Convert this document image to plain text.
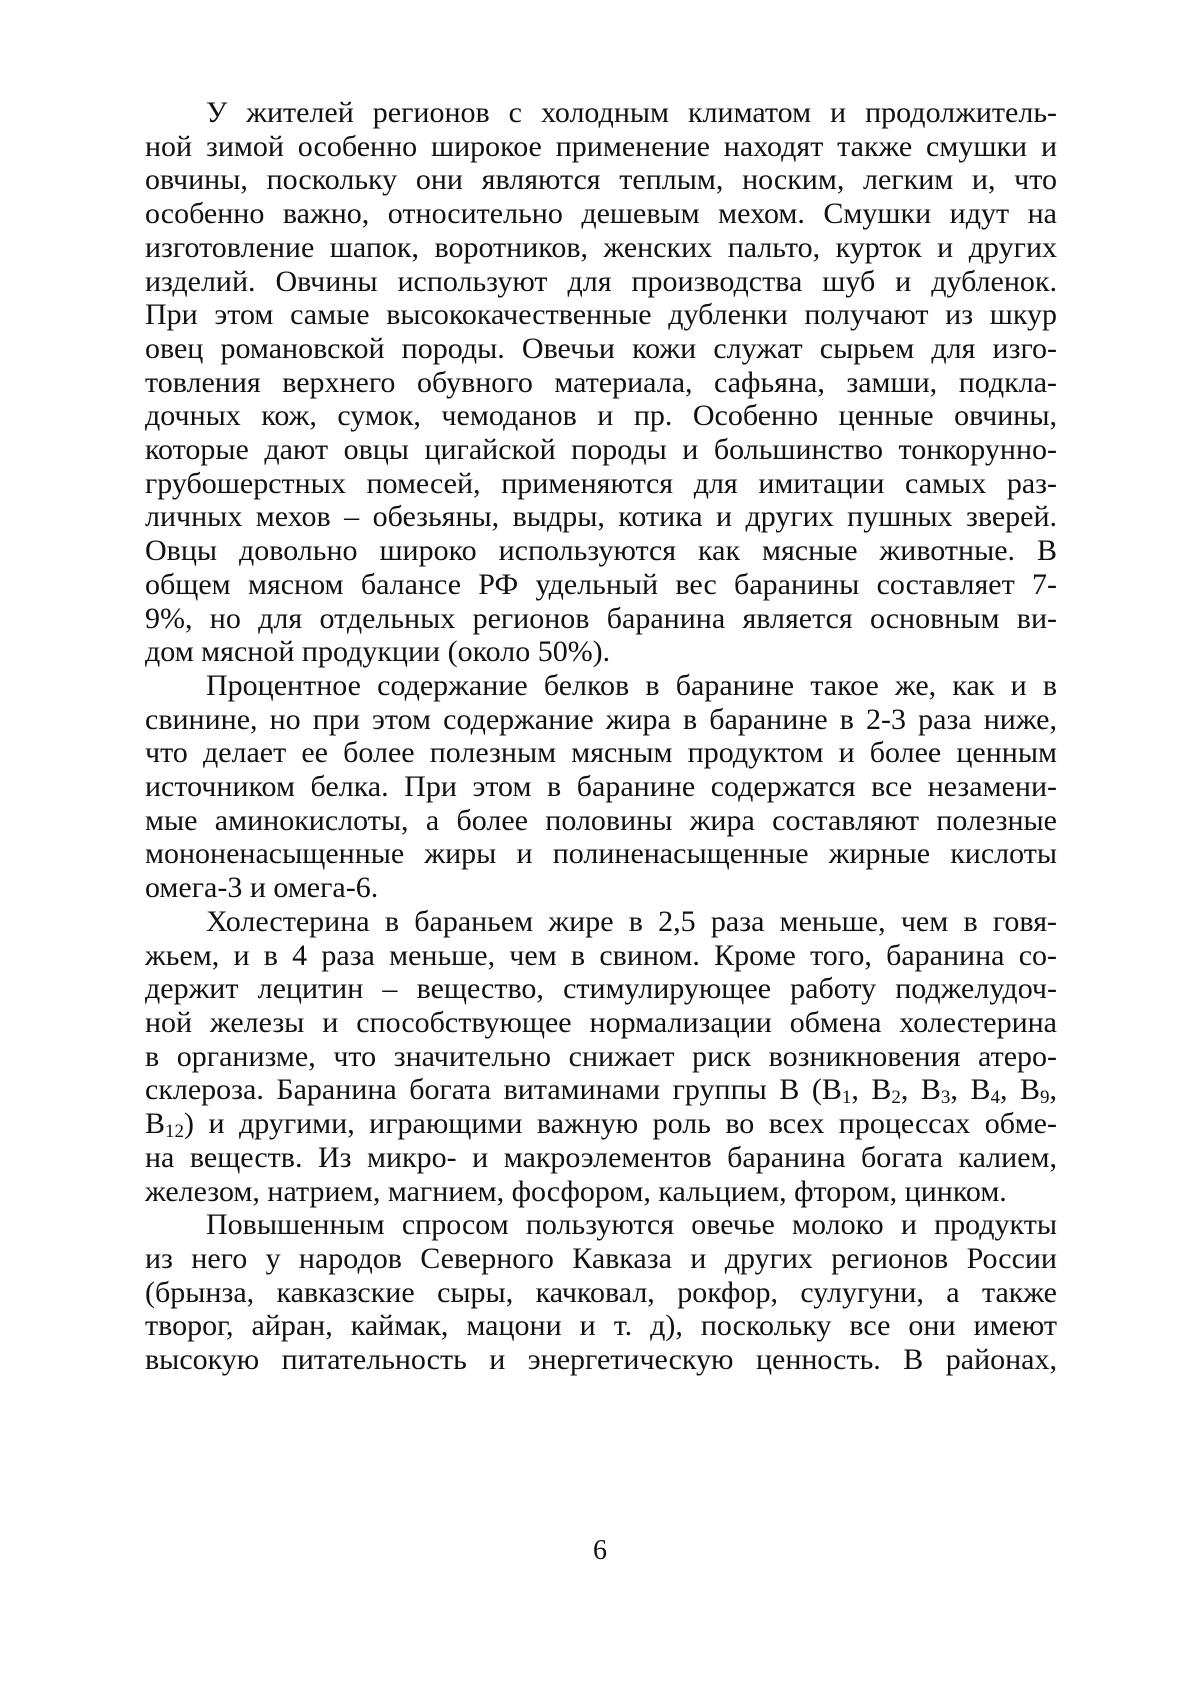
У жителей регионов с холодным климатом и продолжитель-
ной зимой особенно широкое применение находят также смушки и
овчины, поскольку они являются теплым, носким, легким и, что
особенно важно, относительно дешевым мехом. Смушки идут на
изготовление шапок, воротников, женских пальто, курток и других
изделий. Овчины используют для производства шуб и дубленок.
При этом самые высококачественные дубленки получают из шкур
овец романовской породы. Овечьи кожи служат сырьем для изго-
товления верхнего обувного материала, сафьяна, замши, подкла-
дочных кож, сумок, чемоданов и пр. Особенно ценные овчины,
которые дают овцы цигайской породы и большинство тонкорунно-
грубошерстных помесей, применяются для имитации самых раз-
личных мехов – обезьяны, выдры, котика и других пушных зверей.
Овцы довольно широко используются как мясные животные. В
общем мясном балансе РФ удельный вес баранины составляет 7-
9%, но для отдельных регионов баранина является основным ви-
дом мясной продукции (около 50%).
Процентное содержание белков в баранине такое же, как и в
свинине, но при этом содержание жира в баранине в 2-3 раза ниже,
что делает ее более полезным мясным продуктом и более ценным
источником белка. При этом в баранине содержатся все незамени-
мые аминокислоты, а более половины жира составляют полезные
мононенасыщенные жиры и полиненасыщенные жирные кислоты
омега-3 и омега-6.
Холестерина в бараньем жире в 2,5 раза меньше, чем в говя-
жьем, и в 4 раза меньше, чем в свином. Кроме того, баранина со-
держит лецитин – вещество, стимулирующее работу поджелудоч-
ной железы и способствующее нормализации обмена холестерина
в организме, что значительно снижает риск возникновения атеро-
склероза. Баранина богата витаминами группы В ($В_1$, $В_2$, $В_3$, $В_4$, $В_9$,
$В_{12}$) и другими, играющими важную роль во всех процессах обме-
на веществ. Из микро- и макроэлементов баранина богата калием,
железом, натрием, магнием, фосфором, кальцием, фтором, цинком.
Повышенным спросом пользуются овечье молоко и продукты
из него у народов Северного Кавказа и других регионов России
(брынза, кавказские сыры, качковал, рокфор, сулугуни, а также
творог, айран, каймак, мацони и т. д), поскольку все они имеют
высокую питательность и энергетическую ценность. В районах,
6
